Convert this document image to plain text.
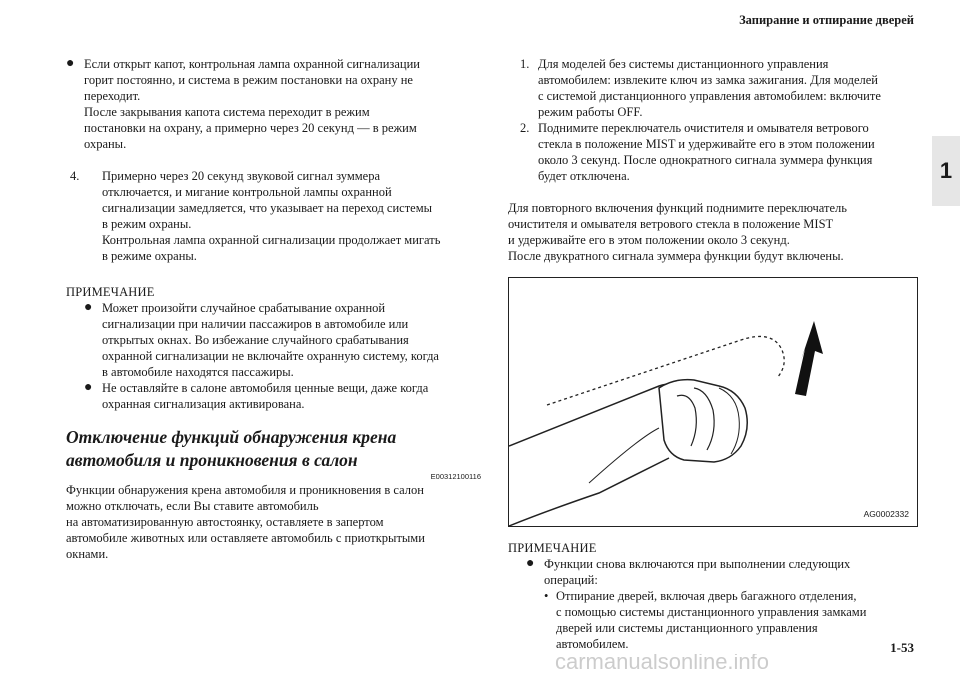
Запирание и отпирание дверей
1
● Если открыт капот, контрольная лампа охранной сигнализации

горит постоянно, и система в режим постановки на охрану не

переходит.

После закрывания капота система переходит в режим

постановки на охрану, а примерно через 20 секунд — в режим

охраны.

4.	Примерно через 20 секунд звуковой сигнал зуммера

отключается, и мигание контрольной лампы охранной

сигнализации замедляется, что указывает на переход системы

в режим охраны.

Контрольная лампа охранной сигнализации продолжает мигать

в режиме охраны.

ПРИМЕЧАНИЕ

● Может произойти случайное срабатывание охранной

сигнализации при наличии пассажиров в автомобиле или

открытых окнах. Во избежание случайного срабатывания

охранной сигнализации не включайте охранную систему, когда

в автомобиле находятся пассажиры.

● Не оставляйте в салоне автомобиля ценные вещи, даже когда

охранная сигнализация активирована.

Отключение функций обнаружения крена

автомобиля и проникновения в салон

E00312100116

Функции обнаружения крена автомобиля и проникновения в салон

можно отключать, если Вы ставите автомобиль

на автоматизированную автостоянку, оставляете в запертом

автомобиле животных или оставляете автомобиль с приоткрытыми

окнами.

1. Для моделей без системы дистанционного управления

автомобилем: извлеките ключ из замка зажигания. Для моделей

с системой дистанционного управления автомобилем: включите

режим работы OFF.

2. Поднимите переключатель очистителя и омывателя ветрового

стекла в положение MIST и удерживайте его в этом положении

около 3 секунд. После однократного сигнала зуммера функция

будет отключена.

Для повторного включения функций поднимите переключатель

очистителя и омывателя ветрового стекла в положение MIST

и удерживайте его в этом положении около 3 секунд.

После двукратного сигнала зуммера функции будут включены.

AG0002332

ПРИМЕЧАНИЕ

● Функции снова включаются при выполнении следующих

операций:

• Отпирание дверей, включая дверь багажного отделения,

с помощью системы дистанционного управления замками

дверей или системы дистанционного управления

автомобилем.	1-53
carmanualsonline.info
